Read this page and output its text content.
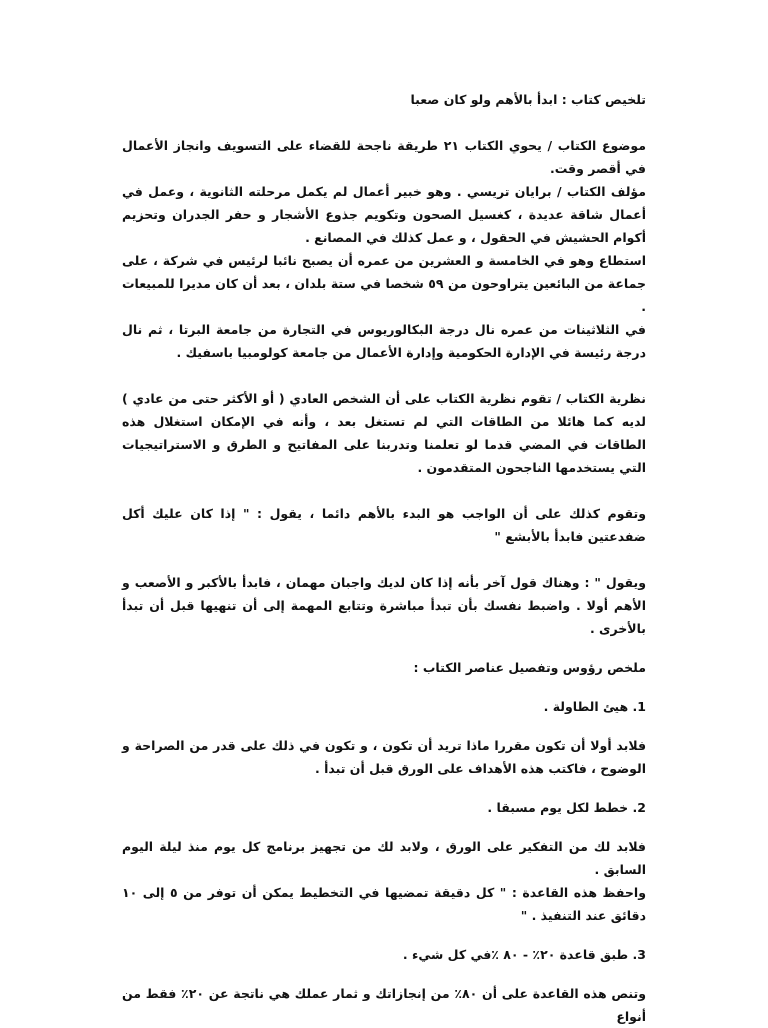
تلخيص كتاب : ابدأ بالأهم ولو كان صعبا

موضوع الكتاب / يحوي الكتاب ٢١ طريقة ناجحة للقضاء على التسويف وانجاز الأعمال في أقصر وقت.

مؤلف الكتاب / برايان تريسي . وهو خبير أعمال لم يكمل مرحلته الثانوية ، وعمل في أعمال شاقة عديدة ، كغسيل الصحون وتكويم جذوع الأشجار و حفر الجدران وتحزيم أكوام الحشيش في الحقول ، و عمل كذلك في المصانع .

استطاع وهو في الخامسة و العشرين من عمره أن يصبح نائبا لرئيس في شركة ، على جماعة من البائعين يتراوحون من ٥٩ شخصا في ستة بلدان ، بعد أن كان مديرا للمبيعات .

في الثلاثينات من عمره نال درجة البكالوريوس في التجارة من جامعة البرتا ، ثم نال درجة رئيسة في الإدارة الحكومية وإدارة الأعمال من جامعة كولومبيا باسفيك .

نظرية الكتاب / تقوم نظرية الكتاب على أن الشخص العادي ( أو الأكثر حتى من عادي ) لديه كما هائلا من الطاقات التي لم تستغل بعد ، وأنه في الإمكان استغلال هذه الطاقات في المضي قدما لو تعلمنا وتدربنا على المفاتيح و الطرق و الاستراتيجيات التي يستخدمها الناجحون المتقدمون .

وتقوم كذلك على أن الواجب هو البدء بالأهم دائما ، يقول : " إذا كان عليك أكل ضفدعتين فابدأ بالأبشع "

ويقول " : وهناك قول آخر بأنه إذا كان لديك واجبان مهمان ، فابدأ بالأكبر و الأصعب و الأهم أولا . واضبط نفسك بأن تبدأ مباشرة وتتابع المهمة إلى أن تنهيها قبل أن تبدأ بالأخرى .

ملخص رؤوس وتفصيل عناصر الكتاب :

1. هيئ الطاولة .

فلابد أولا أن تكون مقررا ماذا تريد أن تكون ، و تكون في ذلك على قدر من الصراحة و الوضوح ، فاكتب هذه الأهداف على الورق قبل أن تبدأ .

2. خطط لكل يوم مسبقا .

فلابد لك من التفكير على الورق ، ولابد لك من تجهيز برنامج كل يوم منذ ليلة اليوم السابق .

واحفظ هذه القاعدة : " كل دقيقة تمضيها في التخطيط يمكن أن توفر من ٥ إلى ١٠ دقائق عند التنفيذ . "

3. طبق قاعدة ٢٠٪ - ٨٠ ٪في كل شيء .

وتنص هذه القاعدة على أن ٨٠٪ من إنجازاتك و ثمار عملك هي ناتجة عن ٢٠٪ فقط من أنواع
